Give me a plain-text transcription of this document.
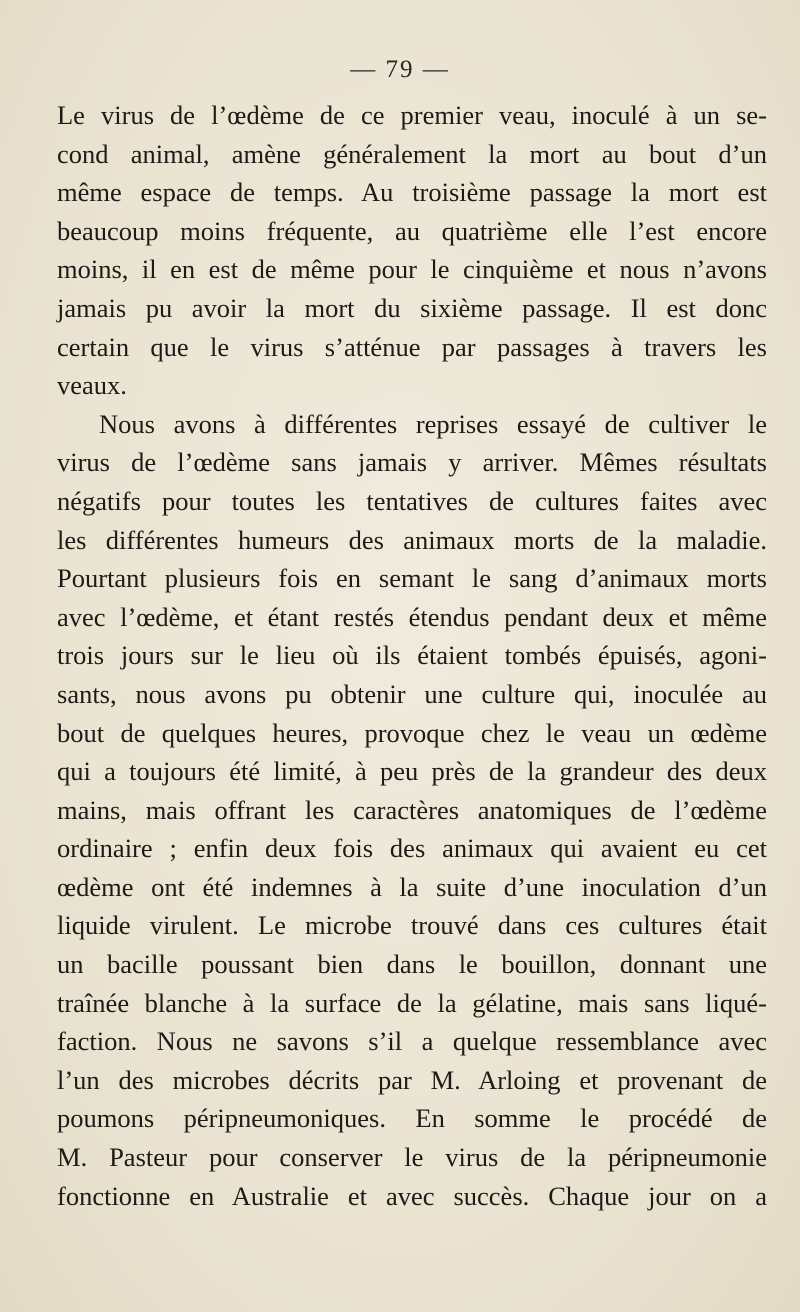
— 79 —
Le virus de l’œdème de ce premier veau, inoculé à un se-
cond animal, amène généralement la mort au bout d’un
même espace de temps. Au troisième passage la mort est
beaucoup moins fréquente, au quatrième elle l’est encore
moins, il en est de même pour le cinquième et nous n’avons
jamais pu avoir la mort du sixième passage. Il est donc
certain que le virus s’atténue par passages à travers les
veaux.
Nous avons à différentes reprises essayé de cultiver le
virus de l’œdème sans jamais y arriver. Mêmes résultats
négatifs pour toutes les tentatives de cultures faites avec
les différentes humeurs des animaux morts de la maladie.
Pourtant plusieurs fois en semant le sang d’animaux morts
avec l’œdème, et étant restés étendus pendant deux et même
trois jours sur le lieu où ils étaient tombés épuisés, agoni-
sants, nous avons pu obtenir une culture qui, inoculée au
bout de quelques heures, provoque chez le veau un œdème
qui a toujours été limité, à peu près de la grandeur des deux
mains, mais offrant les caractères anatomiques de l’œdème
ordinaire ; enfin deux fois des animaux qui avaient eu cet
œdème ont été indemnes à la suite d’une inoculation d’un
liquide virulent. Le microbe trouvé dans ces cultures était
un bacille poussant bien dans le bouillon, donnant une
traînée blanche à la surface de la gélatine, mais sans liqué-
faction. Nous ne savons s’il a quelque ressemblance avec
l’un des microbes décrits par M. Arloing et provenant de
poumons péripneumoniques. En somme le procédé de
M. Pasteur pour conserver le virus de la péripneumonie
fonctionne en Australie et avec succès. Chaque jour on a
